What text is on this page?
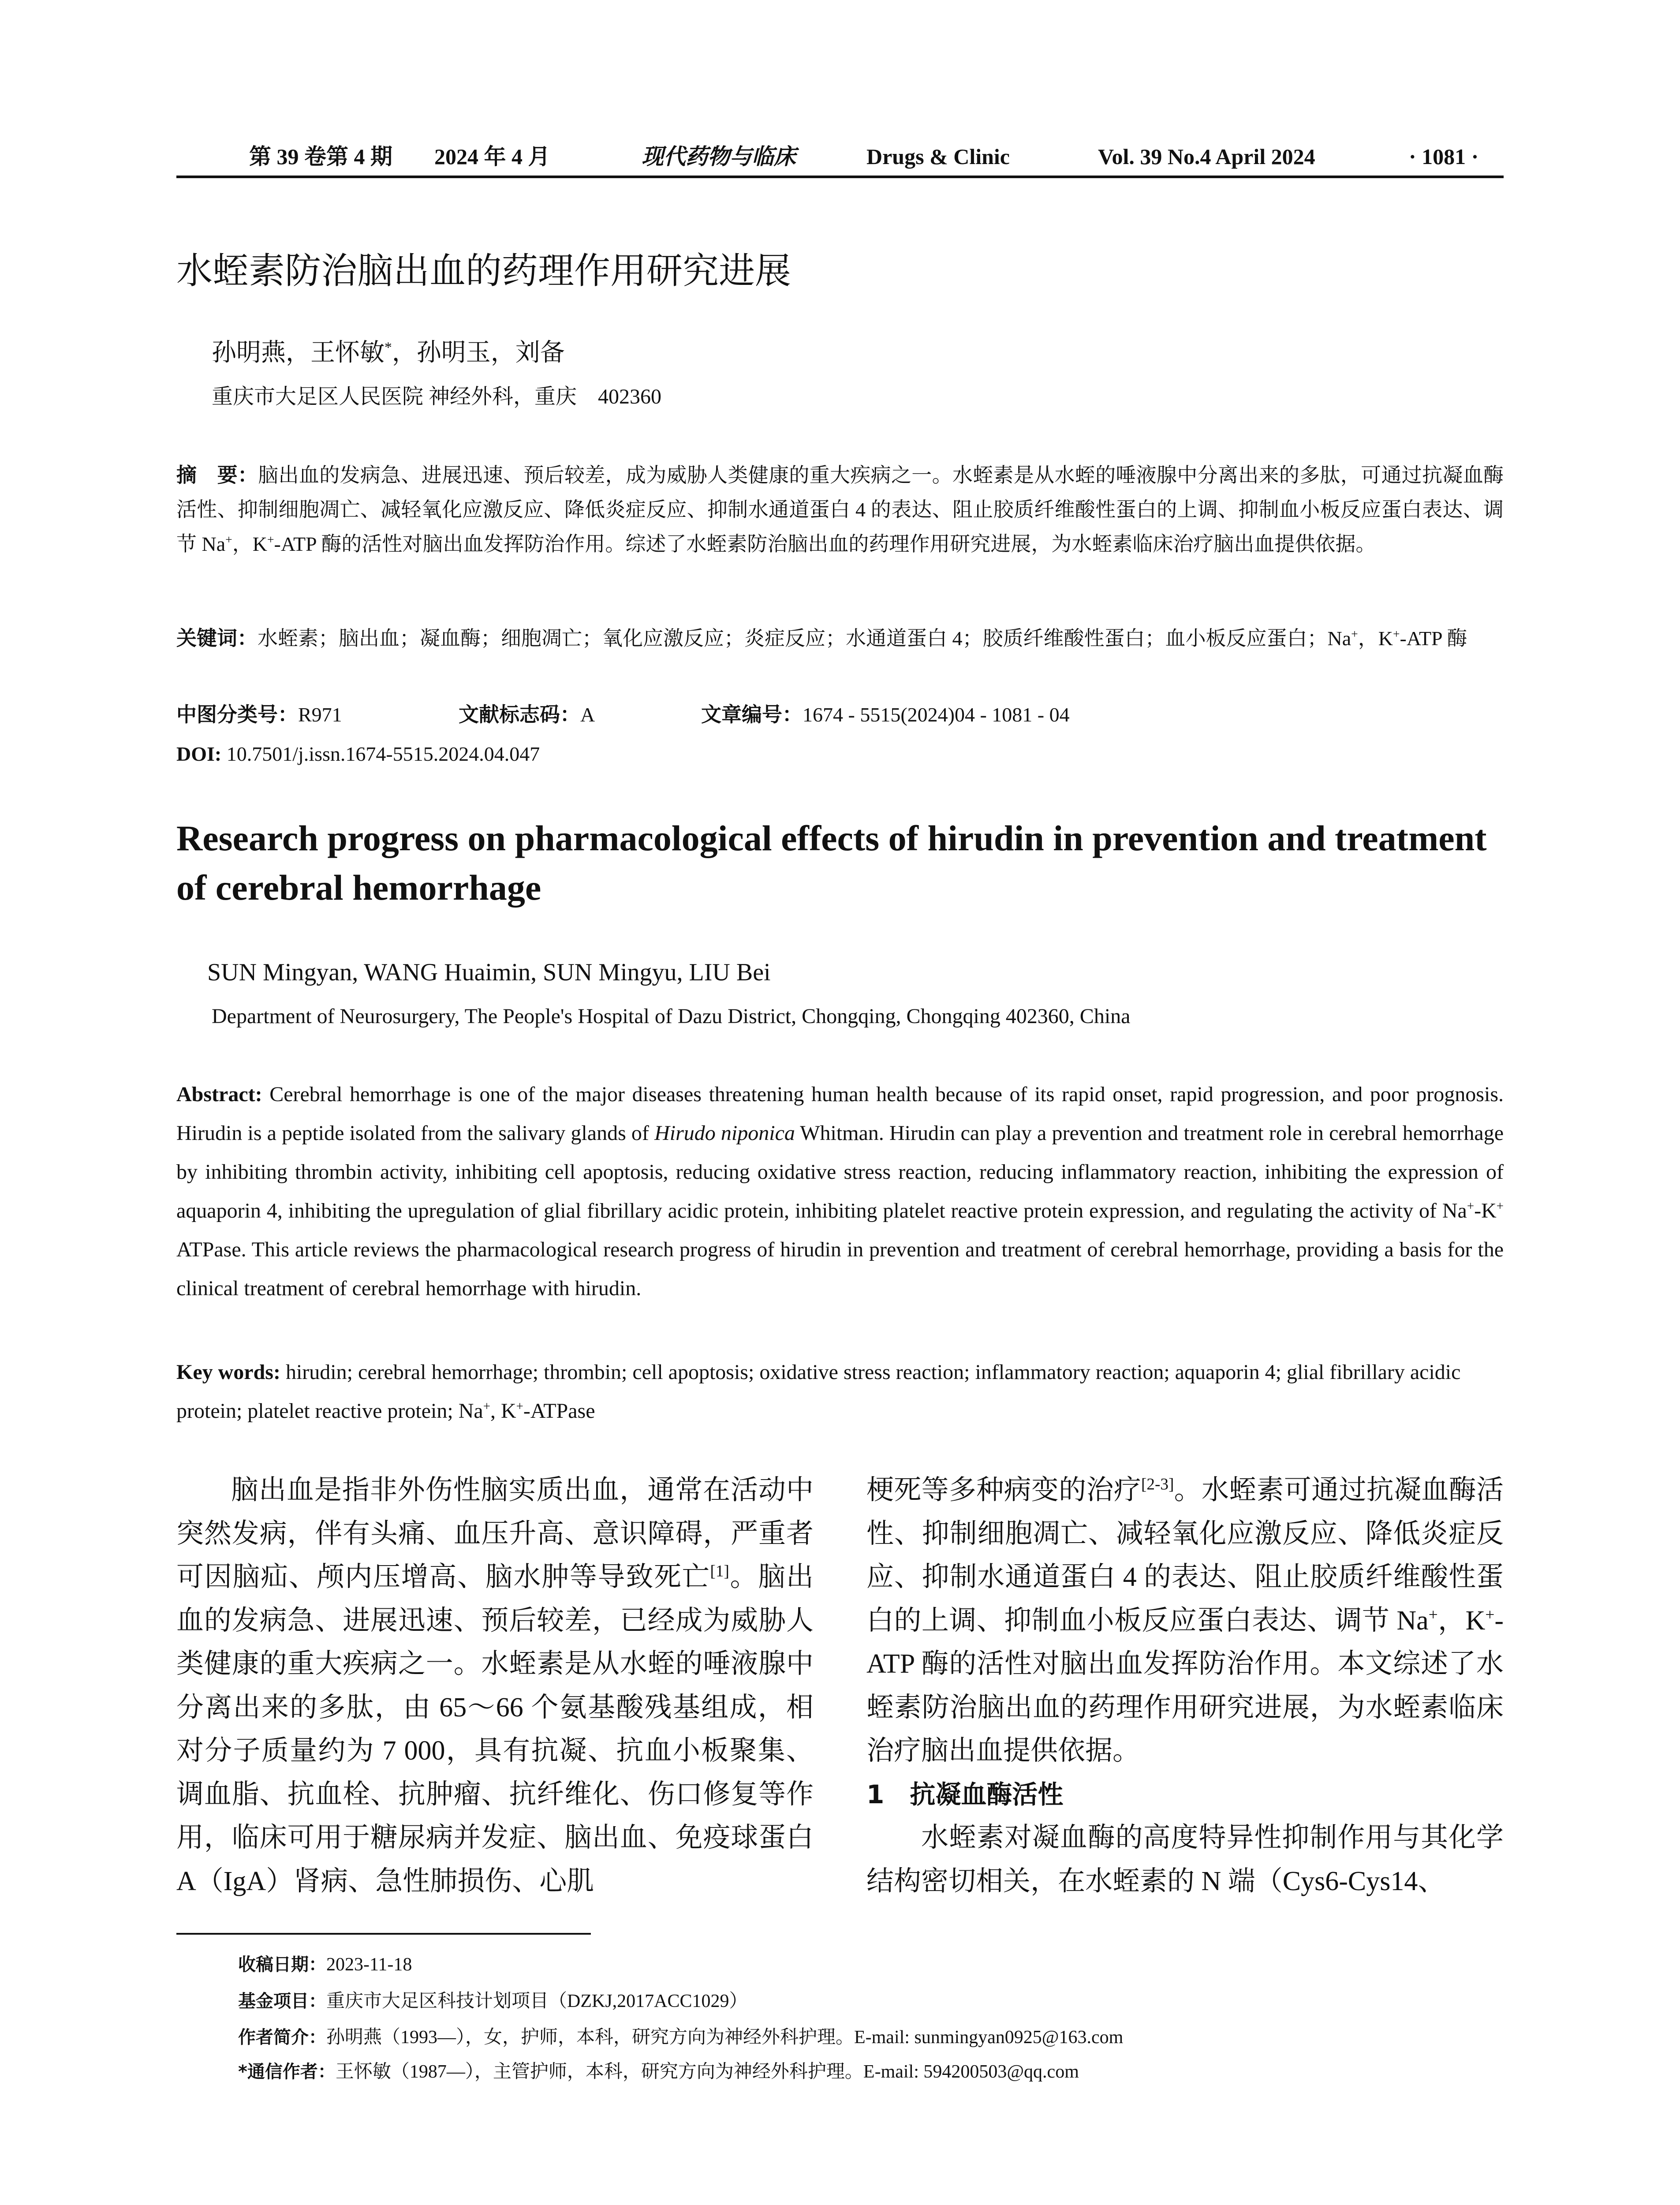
第 39 卷第 4 期 2024 年 4 月	现代药物与临床	Drugs & Clinic	Vol. 39 No.4 April 2024	· 1081 ·
水蛭素防治脑出血的药理作用研究进展
孙明燕，王怀敏*，孙明玉，刘备
重庆市大足区人民医院 神经外科，重庆　402360

摘　要：脑出血的发病急、进展迅速、预后较差，成为威胁人类健康的重大疾病之一。水蛭素是从水蛭的唾液腺中分离出来的多肽，可通过抗凝血酶活性、抑制细胞凋亡、减轻氧化应激反应、降低炎症反应、抑制水通道蛋白 4 的表达、阻止胶质纤维酸性蛋白的上调、抑制血小板反应蛋白表达、调节 Na+，K+-ATP 酶的活性对脑出血发挥防治作用。综述了水蛭素防治脑出血的药理作用研究进展，为水蛭素临床治疗脑出血提供依据。

关键词：水蛭素；脑出血；凝血酶；细胞凋亡；氧化应激反应；炎症反应；水通道蛋白 4；胶质纤维酸性蛋白；血小板反应蛋白；Na+，K+-ATP 酶

中图分类号：R971	文献标志码：A	文章编号：1674 - 5515(2024)04 - 1081 - 04
DOI: 10.7501/j.issn.1674-5515.2024.04.047

Research progress on pharmacological effects of hirudin in prevention and treatment of cerebral hemorrhage

SUN Mingyan, WANG Huaimin, SUN Mingyu, LIU Bei
Department of Neurosurgery, The People's Hospital of Dazu District, Chongqing, Chongqing 402360, China

Abstract: Cerebral hemorrhage is one of the major diseases threatening human health because of its rapid onset, rapid progression, and poor prognosis. Hirudin is a peptide isolated from the salivary glands of Hirudo niponica Whitman. Hirudin can play a prevention and treatment role in cerebral hemorrhage by inhibiting thrombin activity, inhibiting cell apoptosis, reducing oxidative stress reaction, reducing inflammatory reaction, inhibiting the expression of aquaporin 4, inhibiting the upregulation of glial fibrillary acidic protein, inhibiting platelet reactive protein expression, and regulating the activity of Na+-K+ ATPase. This article reviews the pharmacological research progress of hirudin in prevention and treatment of cerebral hemorrhage, providing a basis for the clinical treatment of cerebral hemorrhage with hirudin.

Key words: hirudin; cerebral hemorrhage; thrombin; cell apoptosis; oxidative stress reaction; inflammatory reaction; aquaporin 4; glial fibrillary acidic protein; platelet reactive protein; Na+, K+-ATPase

脑出血是指非外伤性脑实质出血，通常在活动中突然发病，伴有头痛、血压升高、意识障碍，严重者可因脑疝、颅内压增高、脑水肿等导致死亡[1]。脑出血的发病急、进展迅速、预后较差，已经成为威胁人类健康的重大疾病之一。水蛭素是从水蛭的唾液腺中分离出来的多肽，由 65～66 个氨基酸残基组成，相对分子质量约为 7 000，具有抗凝、抗血小板聚集、调血脂、抗血栓、抗肿瘤、抗纤维化、伤口修复等作用，临床可用于糖尿病并发症、脑出血、免疫球蛋白 A（IgA）肾病、急性肺损伤、心肌

梗死等多种病变的治疗[2-3]。水蛭素可通过抗凝血酶活性、抑制细胞凋亡、减轻氧化应激反应、降低炎症反应、抑制水通道蛋白 4 的表达、阻止胶质纤维酸性蛋白的上调、抑制血小板反应蛋白表达、调节 Na+，K+-ATP 酶的活性对脑出血发挥防治作用。本文综述了水蛭素防治脑出血的药理作用研究进展，为水蛭素临床治疗脑出血提供依据。

1　抗凝血酶活性

水蛭素对凝血酶的高度特异性抑制作用与其化学结构密切相关，在水蛭素的 N 端（Cys6-Cys14、

收稿日期：2023-11-18
基金项目：重庆市大足区科技计划项目（DZKJ,2017ACC1029）
作者简介：孙明燕（1993—），女，护师，本科，研究方向为神经外科护理。E-mail: sunmingyan0925@163.com
*通信作者：王怀敏（1987—），主管护师，本科，研究方向为神经外科护理。E-mail: 594200503@qq.com
